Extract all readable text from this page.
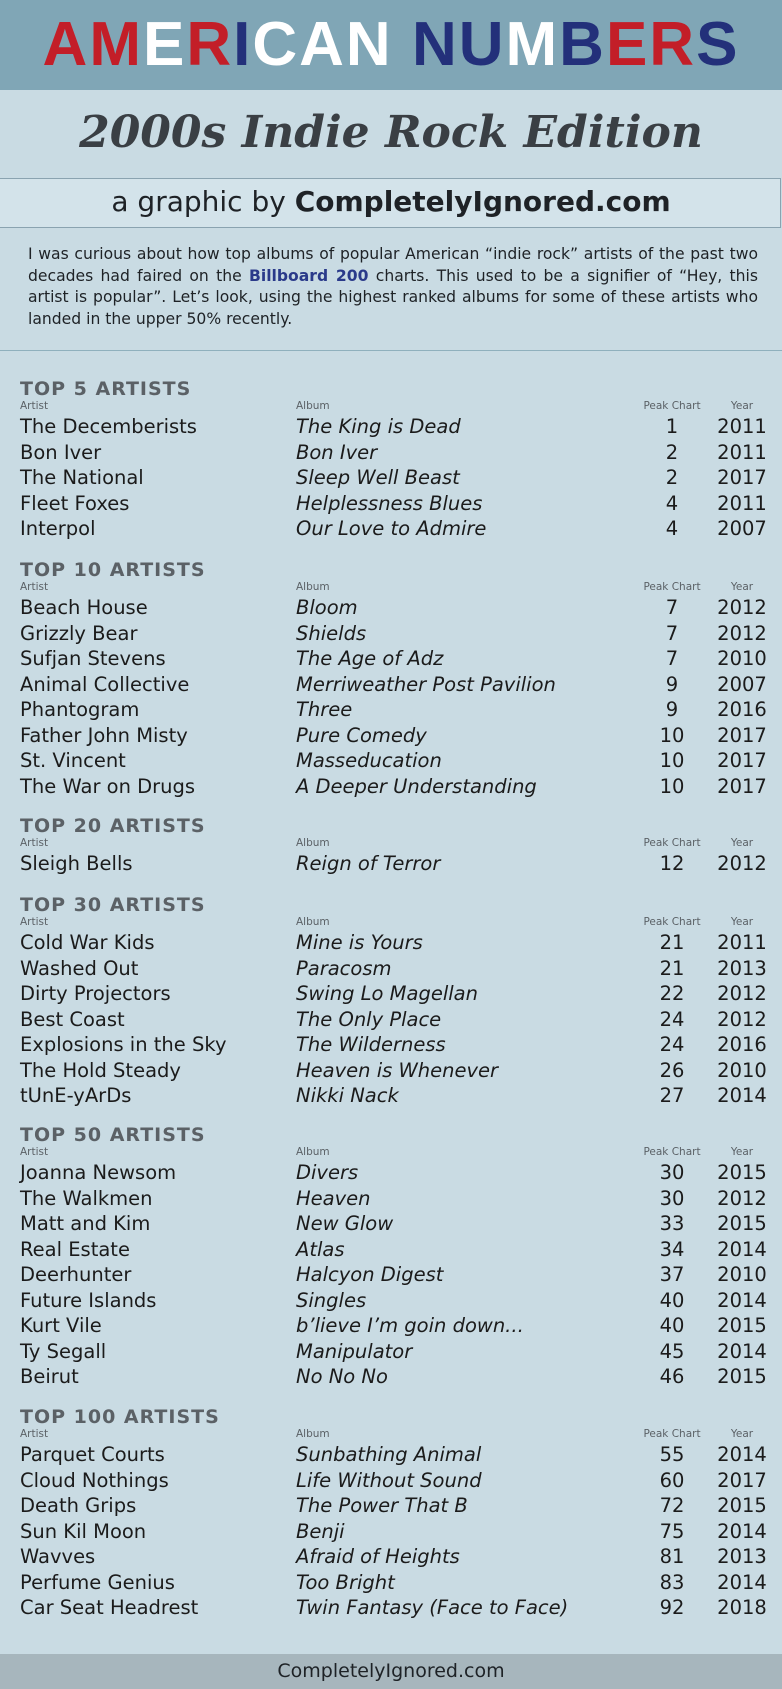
AMERICAN NUMBERS
2000s Indie Rock Edition
a graphic by CompletelyIgnored.com
I was curious about how top albums of popular American “indie rock” artists of the past two decades had faired on the Billboard 200 charts. This used to be a signifier of “Hey, this artist is popular”. Let’s look, using the highest ranked albums for some of these artists who landed in the upper 50% recently.
TOP 5 ARTISTS
Artist	Album	Peak Chart	Year
The Decemberists	The King is Dead	1	2011
Bon Iver	Bon Iver	2	2011
The National	Sleep Well Beast	2	2017
Fleet Foxes	Helplessness Blues	4	2011
Interpol	Our Love to Admire	4	2007
TOP 10 ARTISTS
Artist	Album	Peak Chart	Year
Beach House	Bloom	7	2012
Grizzly Bear	Shields	7	2012
Sufjan Stevens	The Age of Adz	7	2010
Animal Collective	Merriweather Post Pavilion	9	2007
Phantogram	Three	9	2016
Father John Misty	Pure Comedy	10	2017
St. Vincent	Masseducation	10	2017
The War on Drugs	A Deeper Understanding	10	2017
TOP 20 ARTISTS
Artist	Album	Peak Chart	Year
Sleigh Bells	Reign of Terror	12	2012
TOP 30 ARTISTS
Artist	Album	Peak Chart	Year
Cold War Kids	Mine is Yours	21	2011
Washed Out	Paracosm	21	2013
Dirty Projectors	Swing Lo Magellan	22	2012
Best Coast	The Only Place	24	2012
Explosions in the Sky	The Wilderness	24	2016
The Hold Steady	Heaven is Whenever	26	2010
tUnE-yArDs	Nikki Nack	27	2014
TOP 50 ARTISTS
Artist	Album	Peak Chart	Year
Joanna Newsom	Divers	30	2015
The Walkmen	Heaven	30	2012
Matt and Kim	New Glow	33	2015
Real Estate	Atlas	34	2014
Deerhunter	Halcyon Digest	37	2010
Future Islands	Singles	40	2014
Kurt Vile	b’lieve I’m goin down...	40	2015
Ty Segall	Manipulator	45	2014
Beirut	No No No	46	2015
TOP 100 ARTISTS
Artist	Album	Peak Chart	Year
Parquet Courts	Sunbathing Animal	55	2014
Cloud Nothings	Life Without Sound	60	2017
Death Grips	The Power That B	72	2015
Sun Kil Moon	Benji	75	2014
Wavves	Afraid of Heights	81	2013
Perfume Genius	Too Bright	83	2014
Car Seat Headrest	Twin Fantasy (Face to Face)	92	2018
CompletelyIgnored.com
